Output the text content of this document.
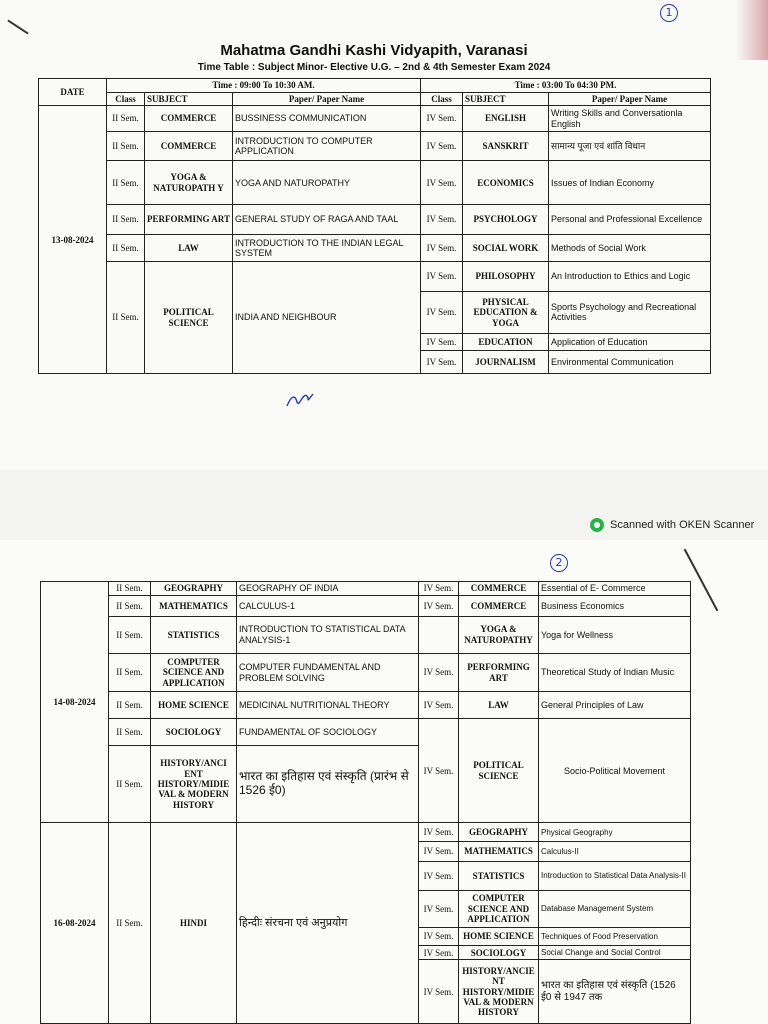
1
Mahatma Gandhi Kashi Vidyapith, Varanasi
Time Table : Subject Minor- Elective U.G. – 2nd & 4th Semester Exam 2024
DATE	Time : 09:00 To 10:30 AM.			Time : 03:00 To 04:30 PM.		
	Class	SUBJECT	Paper/ Paper Name	Class	SUBJECT	Paper/ Paper Name
13-08-2024	II Sem.	COMMERCE	BUSSINESS COMMUNICATION	IV Sem.	ENGLISH	Writing Skills and Conversationla English
	II Sem.	COMMERCE	INTRODUCTION TO COMPUTER APPLICATION	IV Sem.	SANSKRIT	सामान्य पूजा एवं शांति विधान
	II Sem.	YOGA & NATUROPATH Y	YOGA AND NATUROPATHY	IV Sem.	ECONOMICS	Issues of Indian Economy
	II Sem.	PERFORMING ART	GENERAL STUDY OF RAGA AND TAAL	IV Sem.	PSYCHOLOGY	Personal and Professional Excellence
	II Sem.	LAW	INTRODUCTION TO THE INDIAN LEGAL SYSTEM	IV Sem.	SOCIAL WORK	Methods of Social Work
	II Sem.	POLITICAL SCIENCE	INDIA AND NEIGHBOUR	IV Sem.	PHILOSOPHY	An Introduction to Ethics and Logic
				IV Sem.	PHYSICAL EDUCATION & YOGA	Sports Psychology and Recreational Activities
				IV Sem.	EDUCATION	Application of Education
				IV Sem.	JOURNALISM	Environmental Communication
Scanned with OKEN Scanner
2
14-08-2024	II Sem.	GEOGRAPHY	GEOGRAPHY OF INDIA	IV Sem.	COMMERCE	Essential of E- Commerce
	II Sem.	MATHEMATICS	CALCULUS-1	IV Sem.	COMMERCE	Business Economics
	II Sem.	STATISTICS	INTRODUCTION TO STATISTICAL DATA ANALYSIS-1		YOGA & NATUROPATHY	Yoga for Wellness
	II Sem.	COMPUTER SCIENCE AND APPLICATION	COMPUTER FUNDAMENTAL AND PROBLEM SOLVING	IV Sem.	PERFORMING ART	Theoretical Study of Indian Music
	II Sem.	HOME SCIENCE	MEDICINAL NUTRITIONAL THEORY	IV Sem.	LAW	General Principles of Law
	II Sem.	SOCIOLOGY	FUNDAMENTAL OF SOCIOLOGY	IV Sem.	POLITICAL SCIENCE	Socio-Political Movement
	II Sem.	HISTORY/ANCI ENT HISTORY/MIDIE VAL & MODERN HISTORY	भारत का इतिहास एवं संस्कृति (प्रारंभ से 1526 ई0)			
16-08-2024	II Sem.	HINDI	हिन्दीः संरचना एवं अनुप्रयोग	IV Sem.	GEOGRAPHY	Physical Geography
				IV Sem.	MATHEMATICS	Calculus-II
				IV Sem.	STATISTICS	Introduction to Statistical Data Analysis-II
				IV Sem.	COMPUTER SCIENCE AND APPLICATION	Database Management System
				IV Sem.	HOME SCIENCE	Techniques of Food Preservation
				IV Sem.	SOCIOLOGY	Social Change and Social Control
				IV Sem.	HISTORY/ANCIE NT HISTORY/MIDIE VAL & MODERN HISTORY	भारत का इतिहास एवं संस्कृति (1526 ई0 से 1947 तक
